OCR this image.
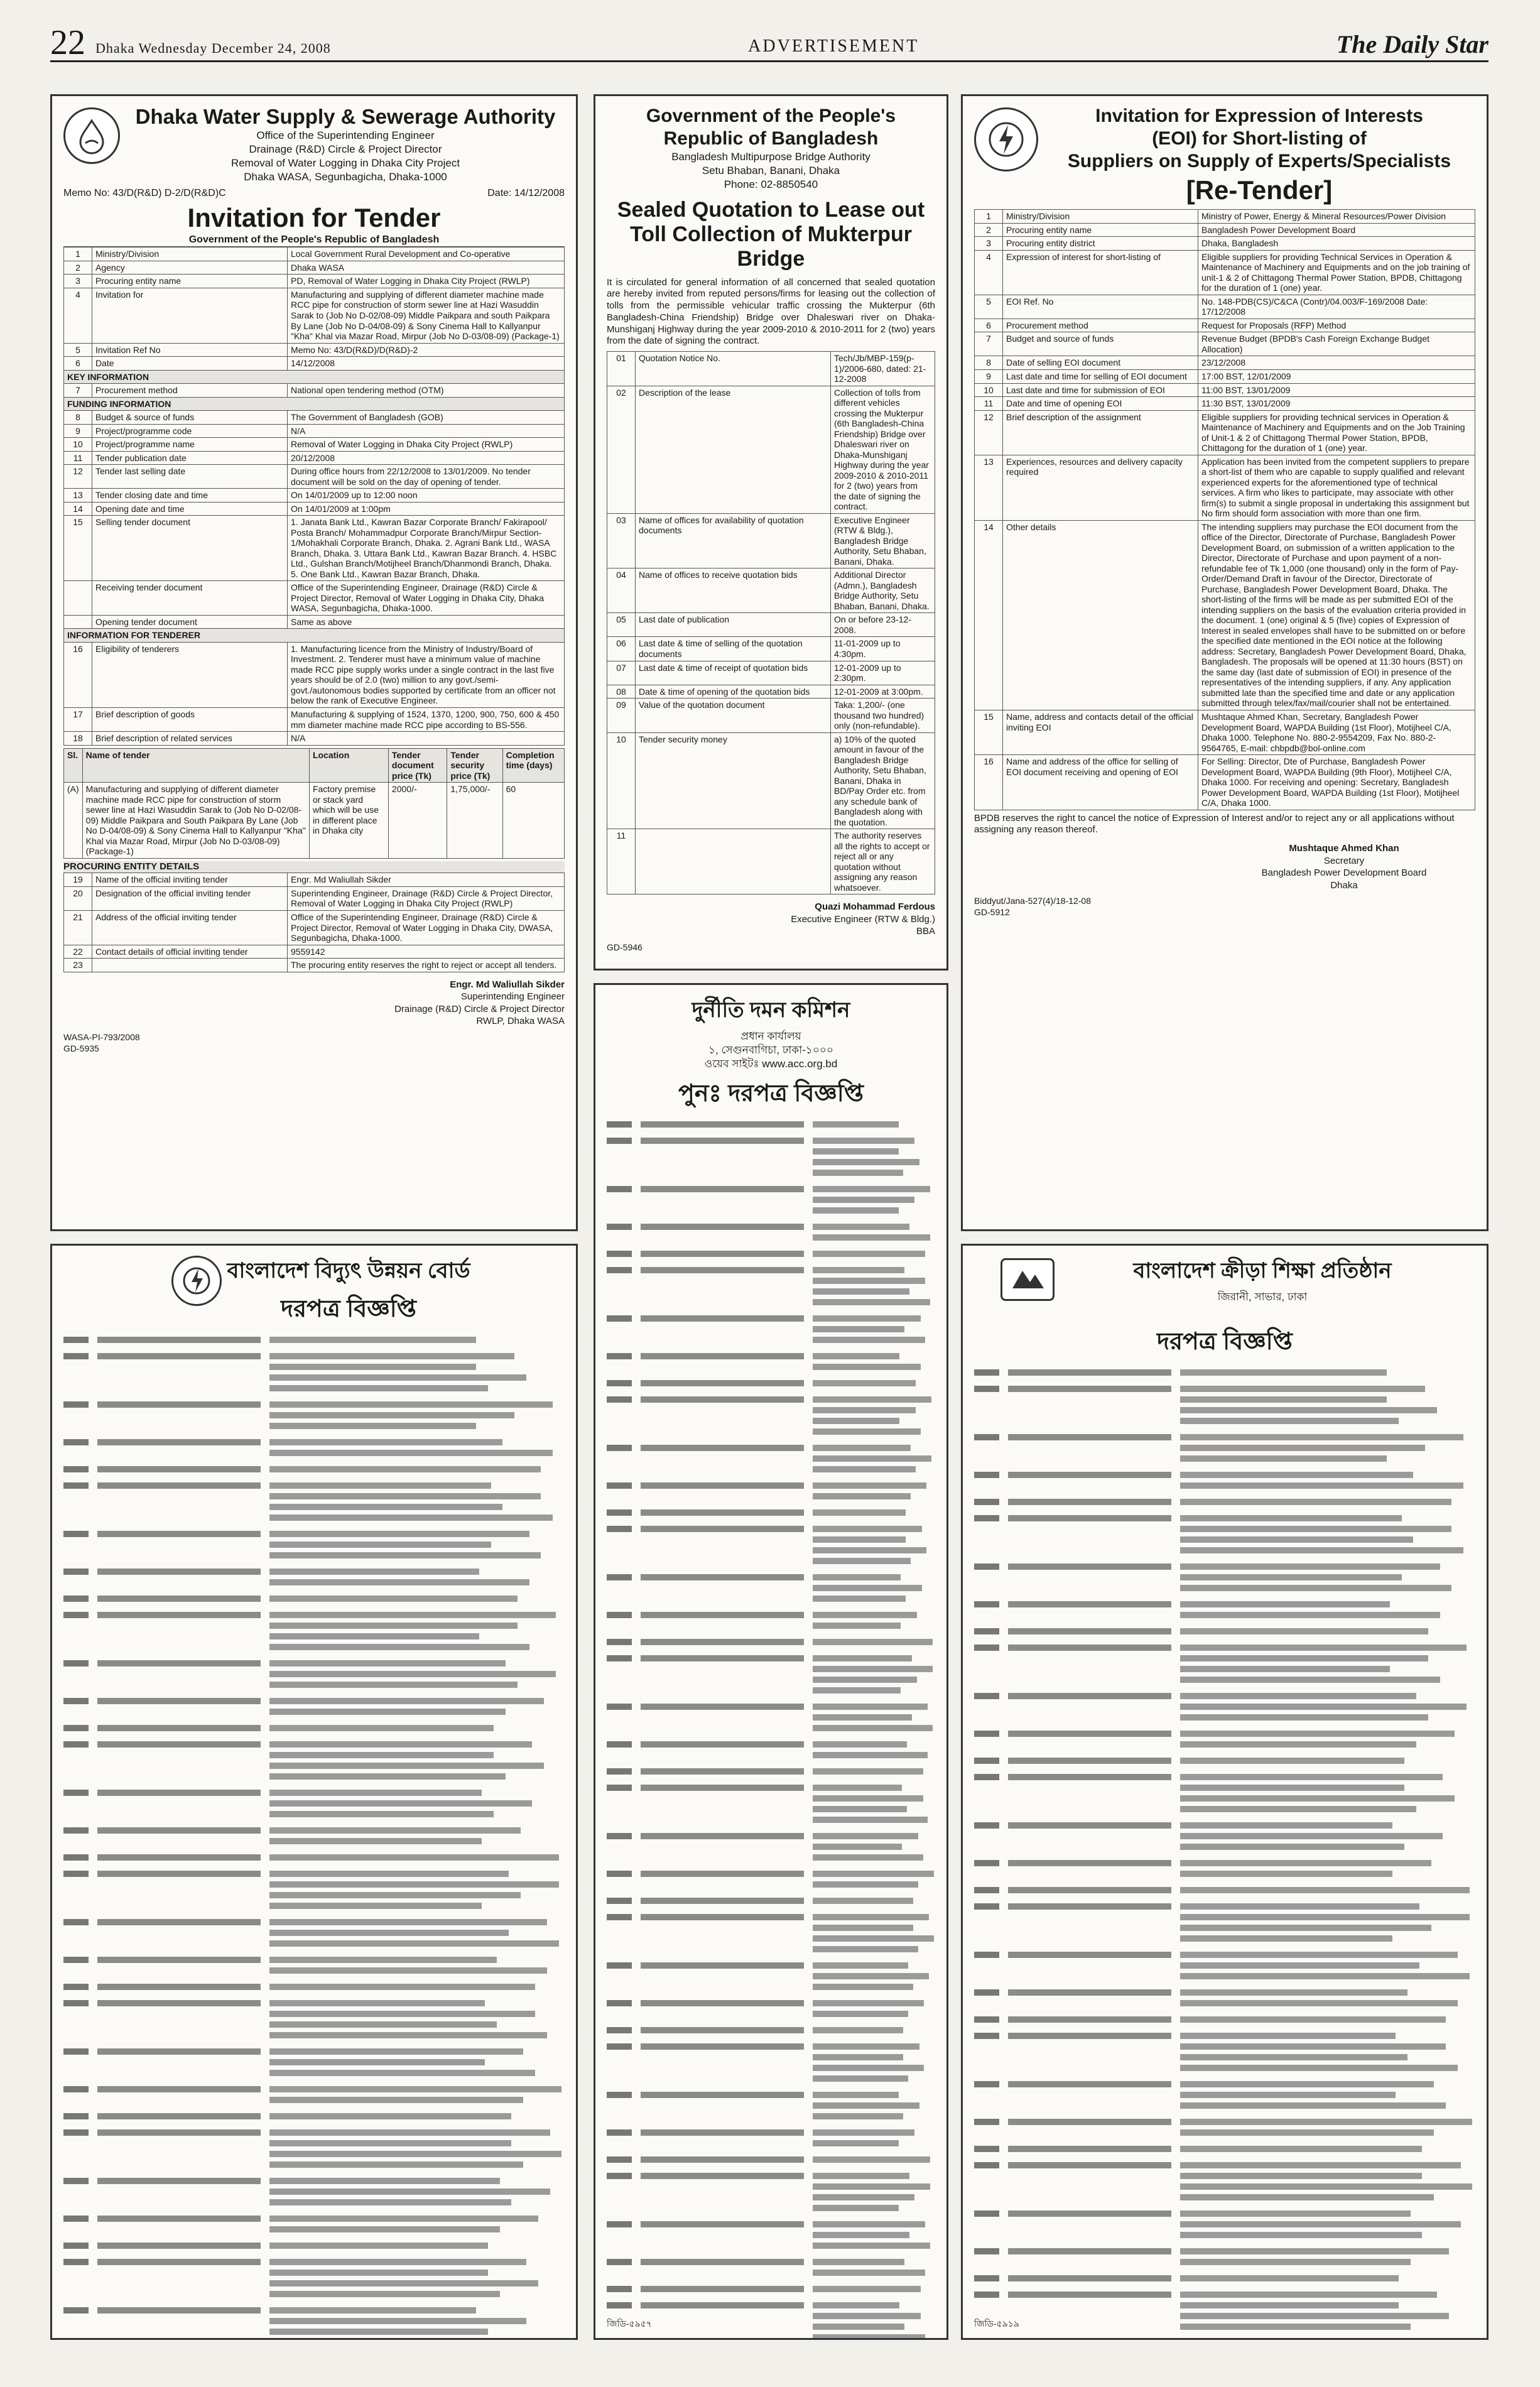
22 Dhaka Wednesday December 24, 2008	ADVERTISEMENT	The Daily Star
Dhaka Water Supply & Sewerage Authority
Office of the Superintending Engineer
Drainage (R&D) Circle & Project Director
Removal of Water Logging in Dhaka City Project
Dhaka WASA, Segunbagicha, Dhaka-1000
Memo No: 43/D(R&D) D-2/D(R&D)C	Date: 14/12/2008
Invitation for Tender
Government of the People's Republic of Bangladesh
1	Ministry/Division	Local Government Rural Development and Co-operative
2	Agency	Dhaka WASA
3	Procuring entity name	PD, Removal of Water Logging in Dhaka City Project (RWLP)
4	Invitation for	Manufacturing and supplying of different diameter machine made RCC pipe for construction of storm sewer line at Hazi Wasuddin Sarak to (Job No D-02/08-09) Middle Paikpara and south Paikpara By Lane (Job No D-04/08-09) & Sony Cinema Hall to Kallyanpur "Kha" Khal via Mazar Road, Mirpur (Job No D-03/08-09) (Package-1)
5	Invitation Ref No	Memo No: 43/D(R&D)/D(R&D)-2
6	Date	14/12/2008
KEY INFORMATION		
7	Procurement method	National open tendering method (OTM)
FUNDING INFORMATION		
8	Budget & source of funds	The Government of Bangladesh (GOB)
9	Project/programme code	N/A
10	Project/programme name	Removal of Water Logging in Dhaka City Project (RWLP)
11	Tender publication date	20/12/2008
12	Tender last selling date	During office hours from 22/12/2008 to 13/01/2009. No tender document will be sold on the day of opening of tender.
13	Tender closing date and time	On 14/01/2009 up to 12:00 noon
14	Opening date and time	On 14/01/2009 at 1:00pm
15	Selling tender document	1. Janata Bank Ltd., Kawran Bazar Corporate Branch/ Fakirapool/ Posta Branch/ Mohammadpur Corporate Branch/Mirpur Section-1/Mohakhali Corporate Branch, Dhaka. 2. Agrani Bank Ltd., WASA Branch, Dhaka. 3. Uttara Bank Ltd., Kawran Bazar Branch. 4. HSBC Ltd., Gulshan Branch/Motijheel Branch/Dhanmondi Branch, Dhaka. 5. One Bank Ltd., Kawran Bazar Branch, Dhaka.
	Receiving tender document	Office of the Superintending Engineer, Drainage (R&D) Circle & Project Director, Removal of Water Logging in Dhaka City, Dhaka WASA, Segunbagicha, Dhaka-1000.
	Opening tender document	Same as above
INFORMATION FOR TENDERER		
16	Eligibility of tenderers	1. Manufacturing licence from the Ministry of Industry/Board of Investment. 2. Tenderer must have a minimum value of machine made RCC pipe supply works under a single contract in the last five years should be of 2.0 (two) million to any govt./semi-govt./autonomous bodies supported by certificate from an officer not below the rank of Executive Engineer.
17	Brief description of goods	Manufacturing & supplying of 1524, 1370, 1200, 900, 750, 600 & 450 mm diameter machine made RCC pipe according to BS-556.
18	Brief description of related services	N/A
Sl.	Name of tender	Location	Tender document price (Tk)	Tender security price (Tk)	Completion time (days)
(A)	Manufacturing and supplying of different diameter machine made RCC pipe for construction of storm sewer line at Hazi Wasuddin Sarak to (Job No D-02/08-09) Middle Paikpara and South Paikpara By Lane (Job No D-04/08-09) & Sony Cinema Hall to Kallyanpur "Kha" Khal via Mazar Road, Mirpur (Job No D-03/08-09) (Package-1)	Factory premise or stack yard which will be use in different place in Dhaka city	2000/-	1,75,000/-	60
PROCURING ENTITY DETAILS
19	Name of the official inviting tender	Engr. Md Waliullah Sikder
20	Designation of the official inviting tender	Superintending Engineer, Drainage (R&D) Circle & Project Director, Removal of Water Logging in Dhaka City Project (RWLP)
21	Address of the official inviting tender	Office of the Superintending Engineer, Drainage (R&D) Circle & Project Director, Removal of Water Logging in Dhaka City, DWASA, Segunbagicha, Dhaka-1000.
22	Contact details of official inviting tender	9559142
23		The procuring entity reserves the right to reject or accept all tenders.
Engr. Md Waliullah Sikder
Superintending Engineer
Drainage (R&D) Circle & Project Director
RWLP, Dhaka WASA
WASA-PI-793/2008
GD-5935
Government of the People's
Republic of Bangladesh
Bangladesh Multipurpose Bridge Authority
Setu Bhaban, Banani, Dhaka
Phone: 02-8850540
Sealed Quotation to Lease out Toll Collection of Mukterpur Bridge
It is circulated for general information of all concerned that sealed quotation are hereby invited from reputed persons/firms for leasing out the collection of tolls from the permissible vehicular traffic crossing the Mukterpur (6th Bangladesh-China Friendship) Bridge over Dhaleswari river on Dhaka-Munshiganj Highway during the year 2009-2010 & 2010-2011 for 2 (two) years from the date of signing the contract.
01	Quotation Notice No.	Tech/Jb/MBP-159(p-1)/2006-680, dated: 21-12-2008
02	Description of the lease	Collection of tolls from different vehicles crossing the Mukterpur (6th Bangladesh-China Friendship) Bridge over Dhaleswari river on Dhaka-Munshiganj Highway during the year 2009-2010 & 2010-2011 for 2 (two) years from the date of signing the contract.
03	Name of offices for availability of quotation documents	Executive Engineer (RTW & Bldg.), Bangladesh Bridge Authority, Setu Bhaban, Banani, Dhaka.
04	Name of offices to receive quotation bids	Additional Director (Admn.), Bangladesh Bridge Authority, Setu Bhaban, Banani, Dhaka.
05	Last date of publication	On or before 23-12-2008.
06	Last date & time of selling of the quotation documents	11-01-2009 up to 4:30pm.
07	Last date & time of receipt of quotation bids	12-01-2009 up to 2:30pm.
08	Date & time of opening of the quotation bids	12-01-2009 at 3:00pm.
09	Value of the quotation document	Taka: 1,200/- (one thousand two hundred) only (non-refundable).
10	Tender security money	a) 10% of the quoted amount in favour of the Bangladesh Bridge Authority, Setu Bhaban, Banani, Dhaka in BD/Pay Order etc. from any schedule bank of Bangladesh along with the quotation.
11		The authority reserves all the rights to accept or reject all or any quotation without assigning any reason whatsoever.
Quazi Mohammad Ferdous
Executive Engineer (RTW & Bldg.)
BBA
GD-5946
Invitation for Expression of Interests
(EOI) for Short-listing of
Suppliers on Supply of Experts/Specialists
[Re-Tender]
1	Ministry/Division	Ministry of Power, Energy & Mineral Resources/Power Division
2	Procuring entity name	Bangladesh Power Development Board
3	Procuring entity district	Dhaka, Bangladesh
4	Expression of interest for short-listing of	Eligible suppliers for providing Technical Services in Operation & Maintenance of Machinery and Equipments and on the job training of unit-1 & 2 of Chittagong Thermal Power Station, BPDB, Chittagong for the duration of 1 (one) year.
5	EOI Ref. No	No. 148-PDB(CS)/C&CA (Contr)/04.003/F-169/2008 Date: 17/12/2008
6	Procurement method	Request for Proposals (RFP) Method
7	Budget and source of funds	Revenue Budget (BPDB's Cash Foreign Exchange Budget Allocation)
8	Date of selling EOI document	23/12/2008
9	Last date and time for selling of EOI document	17:00 BST, 12/01/2009
10	Last date and time for submission of EOI	11:00 BST, 13/01/2009
11	Date and time of opening EOI	11:30 BST, 13/01/2009
12	Brief description of the assignment	Eligible suppliers for providing technical services in Operation & Maintenance of Machinery and Equipments and on the Job Training of Unit-1 & 2 of Chittagong Thermal Power Station, BPDB, Chittagong for the duration of 1 (one) year.
13	Experiences, resources and delivery capacity required	Application has been invited from the competent suppliers to prepare a short-list of them who are capable to supply qualified and relevant experienced experts for the aforementioned type of technical services. A firm who likes to participate, may associate with other firm(s) to submit a single proposal in undertaking this assignment but No firm should form association with more than one firm.
14	Other details	The intending suppliers may purchase the EOI document from the office of the Director, Directorate of Purchase, Bangladesh Power Development Board, on submission of a written application to the Director, Directorate of Purchase and upon payment of a non-refundable fee of Tk 1,000 (one thousand) only in the form of Pay-Order/Demand Draft in favour of the Director, Directorate of Purchase, Bangladesh Power Development Board, Dhaka. The short-listing of the firms will be made as per submitted EOI of the intending suppliers on the basis of the evaluation criteria provided in the document. 1 (one) original & 5 (five) copies of Expression of Interest in sealed envelopes shall have to be submitted on or before the specified date mentioned in the EOI notice at the following address: Secretary, Bangladesh Power Development Board, Dhaka, Bangladesh. The proposals will be opened at 11:30 hours (BST) on the same day (last date of submission of EOI) in presence of the representatives of the intending suppliers, if any. Any application submitted late than the specified time and date or any application submitted through telex/fax/mail/courier shall not be entertained.
15	Name, address and contacts detail of the official inviting EOI	Mushtaque Ahmed Khan, Secretary, Bangladesh Power Development Board, WAPDA Building (1st Floor), Motijheel C/A, Dhaka 1000. Telephone No. 880-2-9554209, Fax No. 880-2-9564765, E-mail: chbpdb@bol-online.com
16	Name and address of the office for selling of EOI document receiving and opening of EOI	For Selling: Director, Dte of Purchase, Bangladesh Power Development Board, WAPDA Building (9th Floor), Motijheel C/A, Dhaka 1000. For receiving and opening: Secretary, Bangladesh Power Development Board, WAPDA Building (1st Floor), Motijheel C/A, Dhaka 1000.
BPDB reserves the right to cancel the notice of Expression of Interest and/or to reject any or all applications without assigning any reason thereof.
Mushtaque Ahmed Khan
Secretary
Bangladesh Power Development Board
Dhaka
Biddyut/Jana-527(4)/18-12-08
GD-5912
বাংলাদেশ বিদ্যুৎ উন্নয়ন বোর্ড
দরপত্র বিজ্ঞপ্তি
দুর্নীতি দমন কমিশন
প্রধান কার্যালয়
১, সেগুনবাগিচা, ঢাকা-১০০০
ওয়েব সাইটঃ www.acc.org.bd
পুনঃ দরপত্র বিজ্ঞপ্তি
জিডি-৫৯৫৭
বাংলাদেশ ক্রীড়া শিক্ষা প্রতিষ্ঠান
জিরানী, সাভার, ঢাকা
দরপত্র বিজ্ঞপ্তি
জিডি-৫৯১৯
